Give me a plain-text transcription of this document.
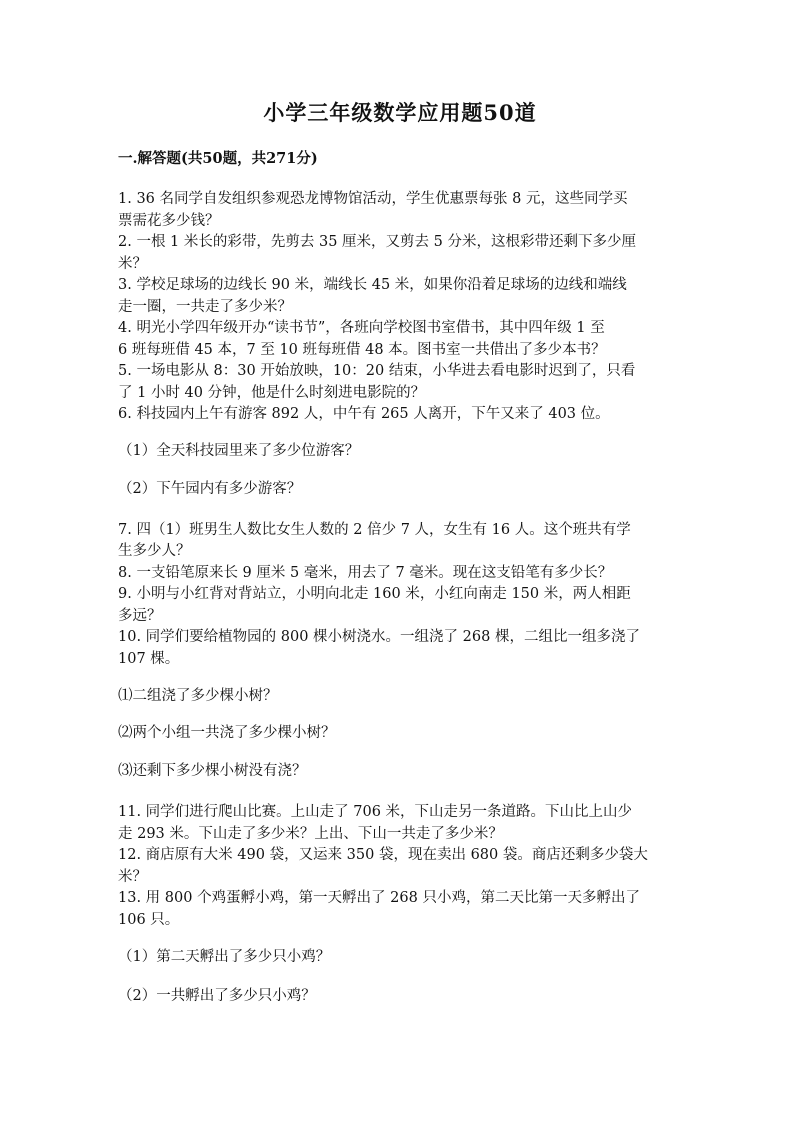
小学三年级数学应用题50道
一.解答题(共50题，共271分)
1. 36 名同学自发组织参观恐龙博物馆活动，学生优惠票每张 8 元，这些同学买
票需花多少钱？
2. 一根 1 米长的彩带，先剪去 35 厘米，又剪去 5 分米，这根彩带还剩下多少厘
米？
3. 学校足球场的边线长 90 米，端线长 45 米，如果你沿着足球场的边线和端线
走一圈，一共走了多少米？
4. 明光小学四年级开办“读书节”，各班向学校图书室借书，其中四年级 1 至
6 班每班借 45 本，7 至 10 班每班借 48 本。图书室一共借出了多少本书？
5. 一场电影从 8：30 开始放映，10：20 结束，小华进去看电影时迟到了，只看
了 1 小时 40 分钟，他是什么时刻进电影院的？
6. 科技园内上午有游客 892 人，中午有 265 人离开，下午又来了 403 位。
（1）全天科技园里来了多少位游客？
（2）下午园内有多少游客？
7. 四（1）班男生人数比女生人数的 2 倍少 7 人，女生有 16 人。这个班共有学
生多少人？
8. 一支铅笔原来长 9 厘米 5 毫米，用去了 7 毫米。现在这支铅笔有多少长？
9. 小明与小红背对背站立，小明向北走 160 米，小红向南走 150 米，两人相距
多远？
10. 同学们要给植物园的 800 棵小树浇水。一组浇了 268 棵，二组比一组多浇了
107 棵。
⑴二组浇了多少棵小树？
⑵两个小组一共浇了多少棵小树？
⑶还剩下多少棵小树没有浇？
11. 同学们进行爬山比赛。上山走了 706 米，下山走另一条道路。下山比上山少
走 293 米。下山走了多少米？上出、下山一共走了多少米？
12. 商店原有大米 490 袋，又运来 350 袋，现在卖出 680 袋。商店还剩多少袋大
米？
13. 用 800 个鸡蛋孵小鸡，第一天孵出了 268 只小鸡，第二天比第一天多孵出了
106 只。
（1）第二天孵出了多少只小鸡？
（2）一共孵出了多少只小鸡？
